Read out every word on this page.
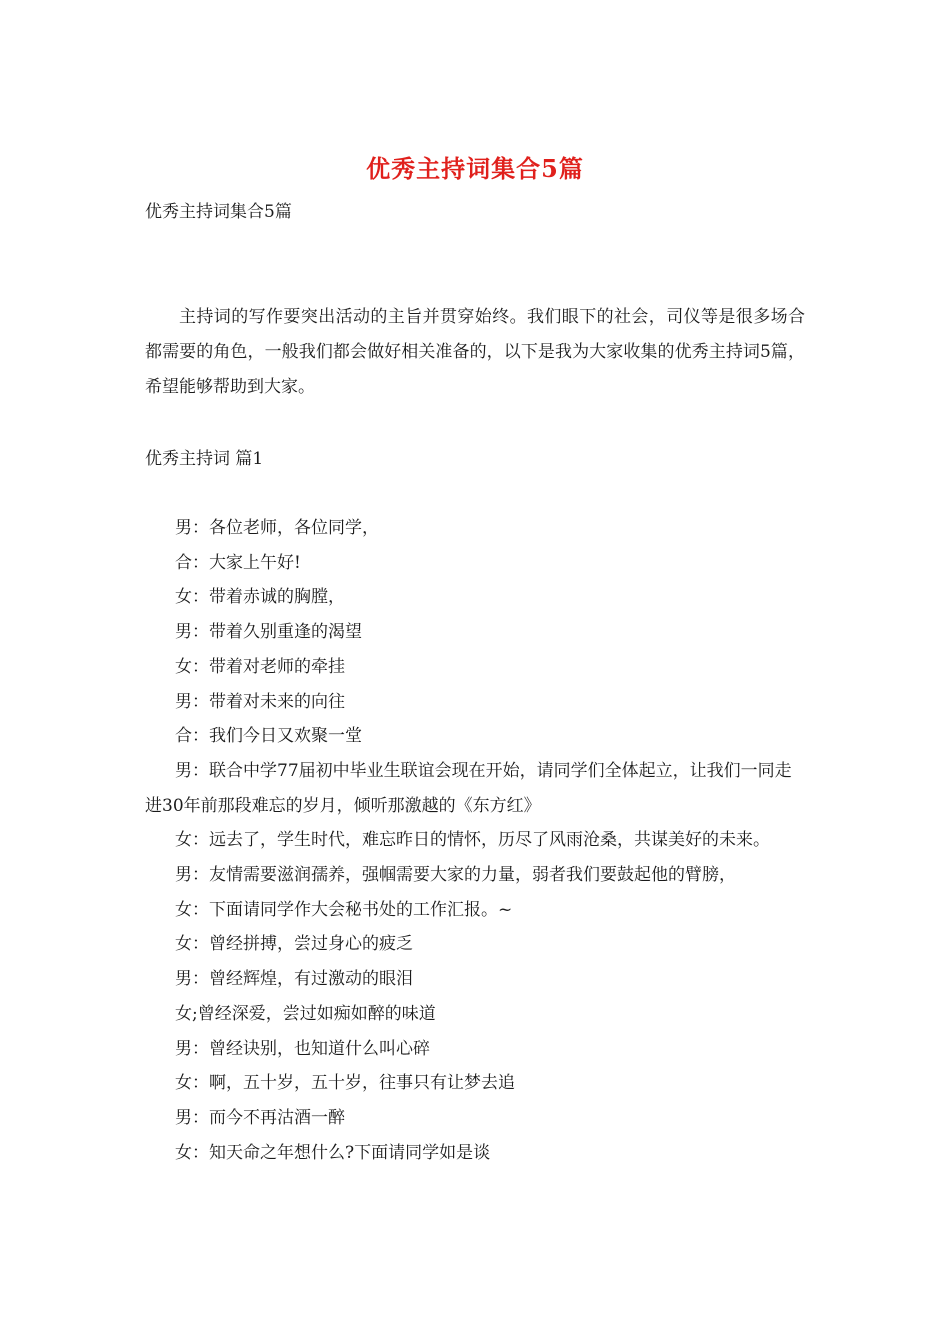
优秀主持词集合5篇
优秀主持词集合5篇

主持词的写作要突出活动的主旨并贯穿始终。我们眼下的社会，司仪等是很多场合都需要的角色，一般我们都会做好相关准备的，以下是我为大家收集的优秀主持词5篇，希望能够帮助到大家。

优秀主持词 篇1
男：各位老师，各位同学，
合：大家上午好!
女：带着赤诚的胸膛，
男：带着久别重逢的渴望
女：带着对老师的牵挂
男：带着对未来的向往
合：我们今日又欢聚一堂
男：联合中学77届初中毕业生联谊会现在开始，请同学们全体起立，让我们一同走进30年前那段难忘的岁月，倾听那激越的《东方红》
女：远去了，学生时代，难忘昨日的情怀，历尽了风雨沧桑，共谋美好的未来。
男：友情需要滋润孺养，强帼需要大家的力量，弱者我们要鼓起他的臂膀，
女：下面请同学作大会秘书处的工作汇报。~
女：曾经拼搏，尝过身心的疲乏
男：曾经辉煌，有过激动的眼泪
女;曾经深爱，尝过如痴如醉的味道
男：曾经诀别，也知道什么叫心碎
女：啊，五十岁，五十岁，往事只有让梦去追
男：而今不再沽酒一醉
女：知天命之年想什么?下面请同学如是谈
